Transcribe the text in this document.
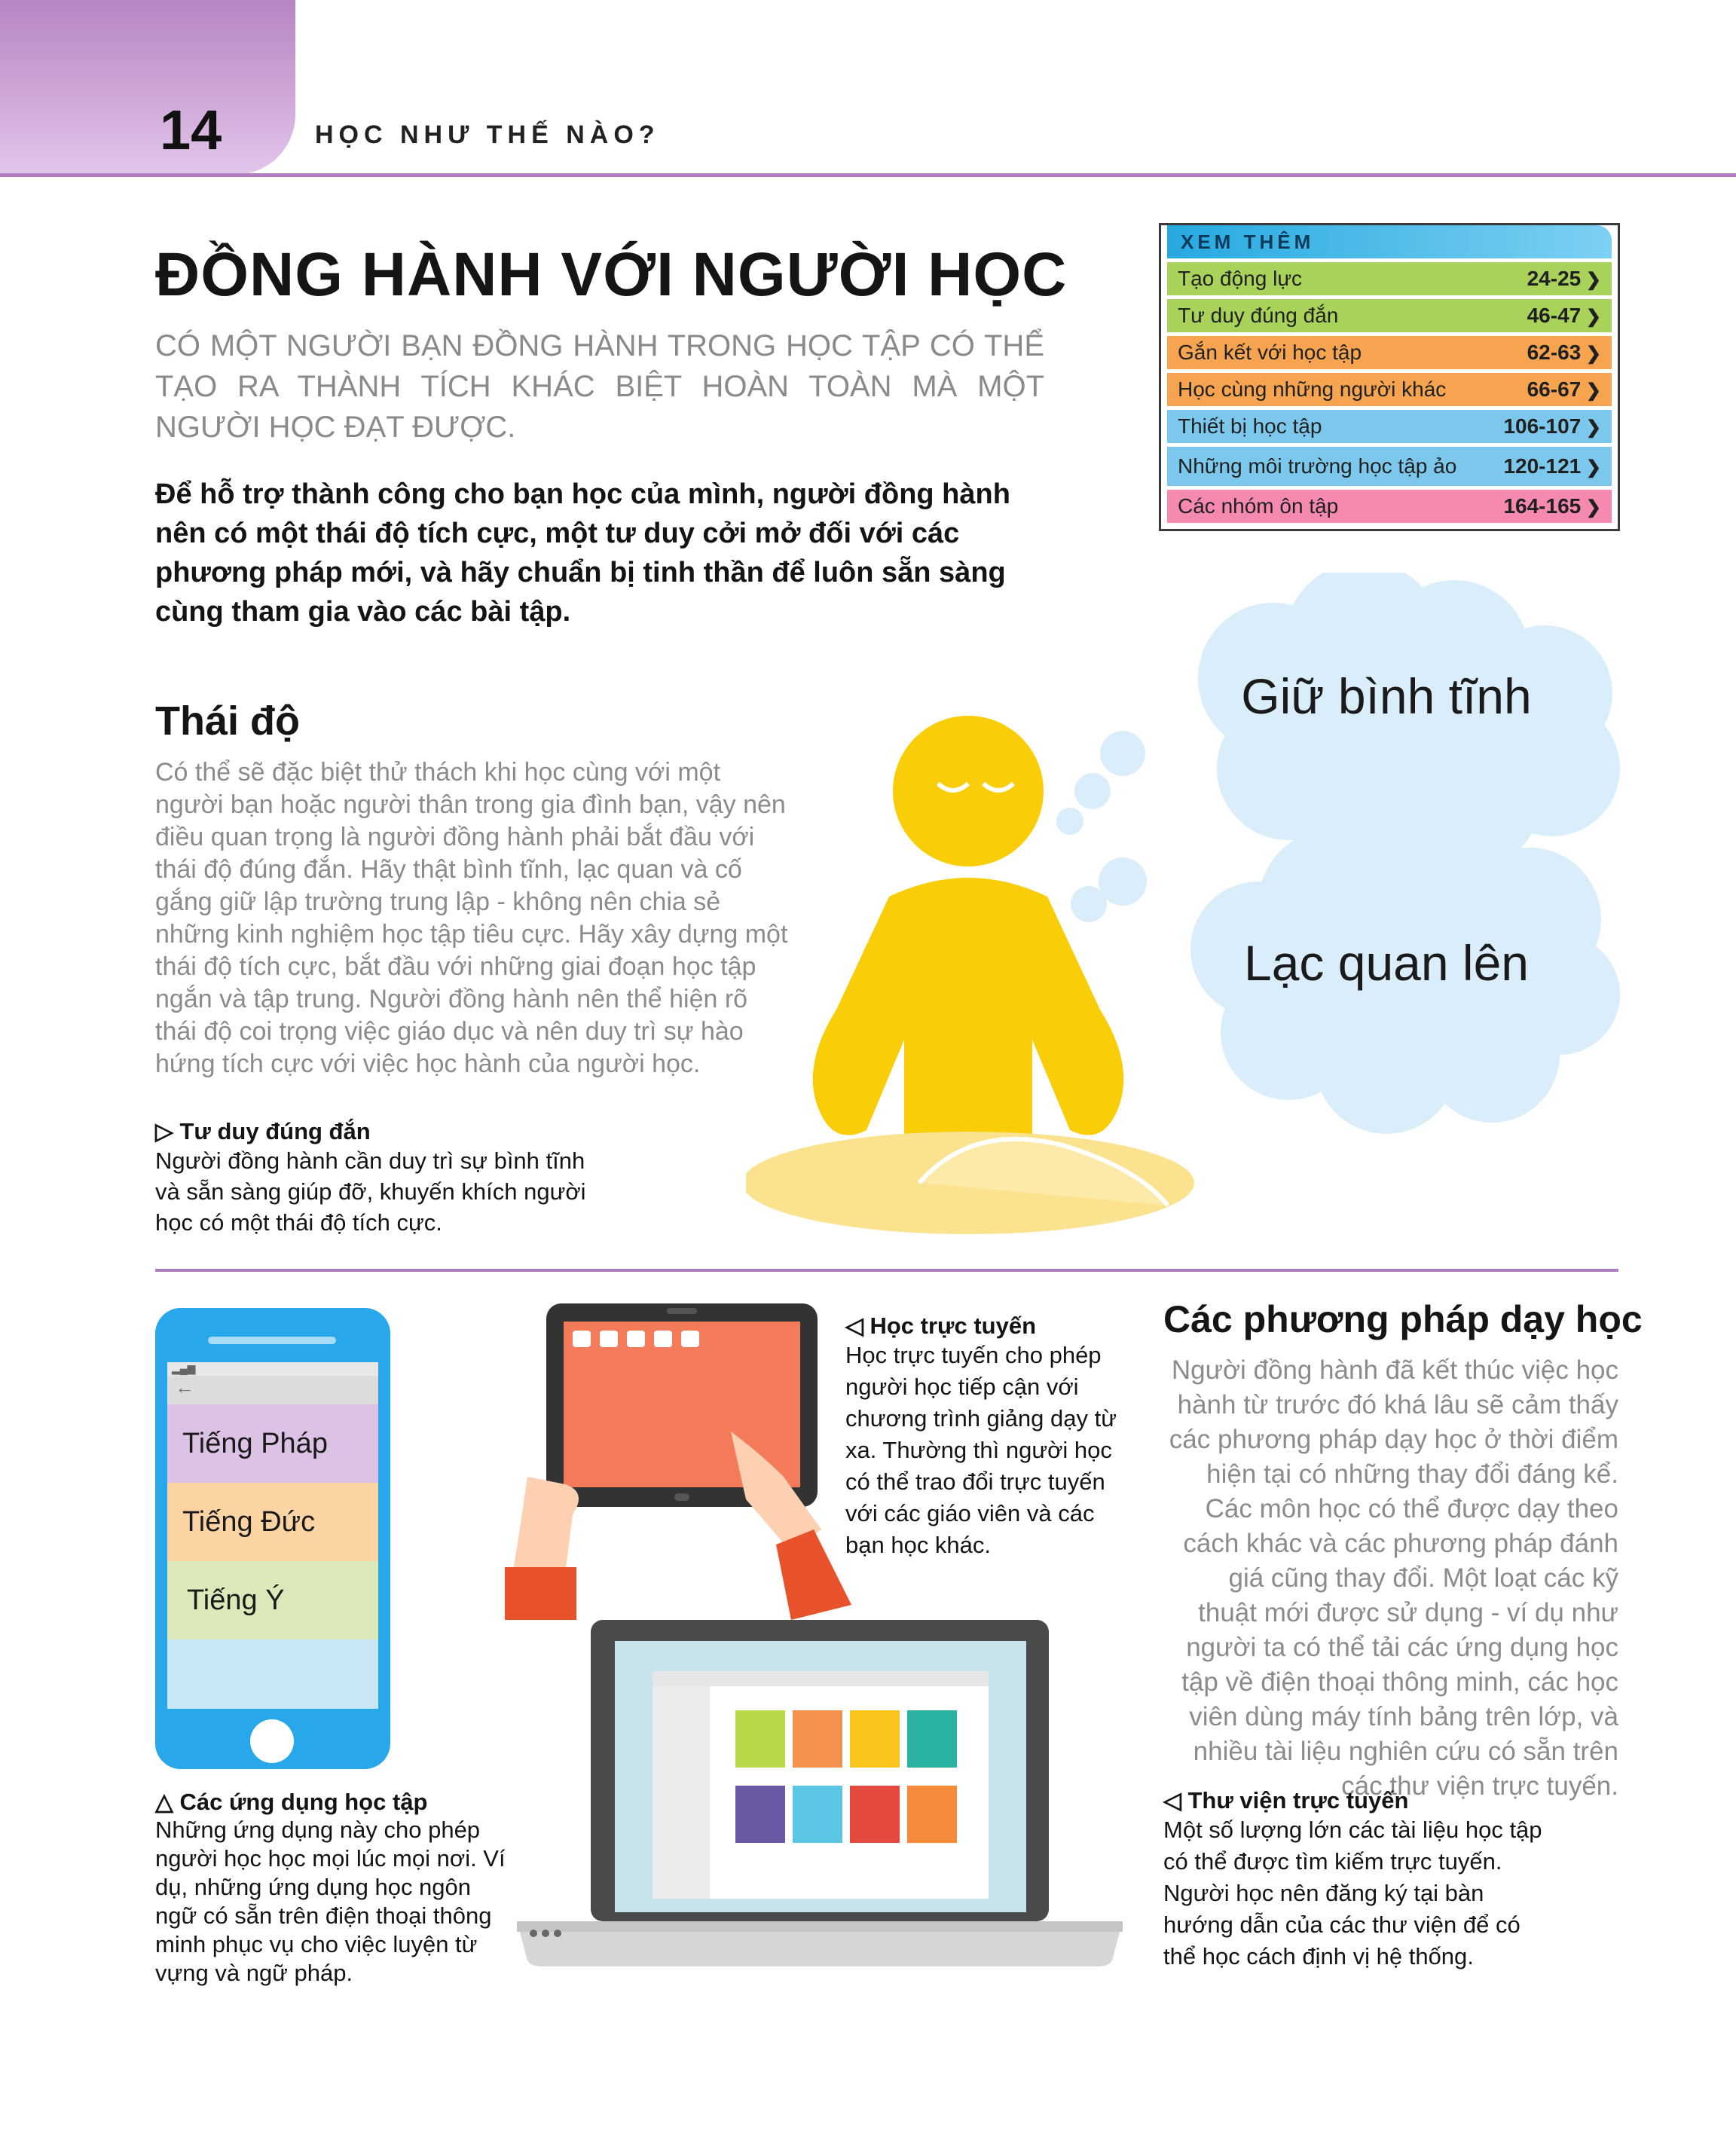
14	HỌC NHƯ THẾ NÀO?
ĐỒNG HÀNH VỚI NGƯỜI HỌC
CÓ MỘT NGƯỜI BẠN ĐỒNG HÀNH TRONG HỌC TẬP CÓ THỂ TẠO RA THÀNH TÍCH KHÁC BIỆT HOÀN TOÀN MÀ MỘT NGƯỜI HỌC ĐẠT ĐƯỢC.
Để hỗ trợ thành công cho bạn học của mình, người đồng hành nên có một thái độ tích cực, một tư duy cởi mở đối với các phương pháp mới, và hãy chuẩn bị tinh thần để luôn sẵn sàng cùng tham gia vào các bài tập.
XEM THÊM
Tạo động lực	24-25 ❯
Tư duy đúng đắn	46-47 ❯
Gắn kết với học tập	62-63 ❯
Học cùng những người khác	66-67 ❯
Thiết bị học tập	106-107 ❯
Những môi trường học tập ảo 120-121 ❯
Các nhóm ôn tập	164-165 ❯
Thái độ
Có thể sẽ đặc biệt thử thách khi học cùng với một người bạn hoặc người thân trong gia đình bạn, vậy nên điều quan trọng là người đồng hành phải bắt đầu với thái độ đúng đắn. Hãy thật bình tĩnh, lạc quan và cố gắng giữ lập trường trung lập - không nên chia sẻ những kinh nghiệm học tập tiêu cực. Hãy xây dựng một thái độ tích cực, bắt đầu với những giai đoạn học tập ngắn và tập trung. Người đồng hành nên thể hiện rõ thái độ coi trọng việc giáo dục và nên duy trì sự hào hứng tích cực với việc học hành của người học.
▷ Tư duy đúng đắn
Người đồng hành cần duy trì sự bình tĩnh và sẵn sàng giúp đỡ, khuyến khích người học có một thái độ tích cực.
Giữ bình tĩnh
Lạc quan lên
▂▄▆
←
Tiếng Pháp
Tiếng Đức
Tiếng Ý
△ Các ứng dụng học tập
Những ứng dụng này cho phép người học học mọi lúc mọi nơi. Ví dụ, những ứng dụng học ngôn ngữ có sẵn trên điện thoại thông minh phục vụ cho việc luyện từ vựng và ngữ pháp.
◁ Học trực tuyến
Học trực tuyến cho phép người học tiếp cận với chương trình giảng dạy từ xa. Thường thì người học có thể trao đổi trực tuyến với các giáo viên và các bạn học khác.
Các phương pháp dạy học
Người đồng hành đã kết thúc việc học hành từ trước đó khá lâu sẽ cảm thấy các phương pháp dạy học ở thời điểm hiện tại có những thay đổi đáng kể. Các môn học có thể được dạy theo cách khác và các phương pháp đánh giá cũng thay đổi. Một loạt các kỹ thuật mới được sử dụng - ví dụ như người ta có thể tải các ứng dụng học tập về điện thoại thông minh, các học viên dùng máy tính bảng trên lớp, và nhiều tài liệu nghiên cứu có sẵn trên các thư viện trực tuyến.
◁ Thư viện trực tuyến
Một số lượng lớn các tài liệu học tập có thể được tìm kiếm trực tuyến. Người học nên đăng ký tại bàn hướng dẫn của các thư viện để có thể học cách định vị hệ thống.
